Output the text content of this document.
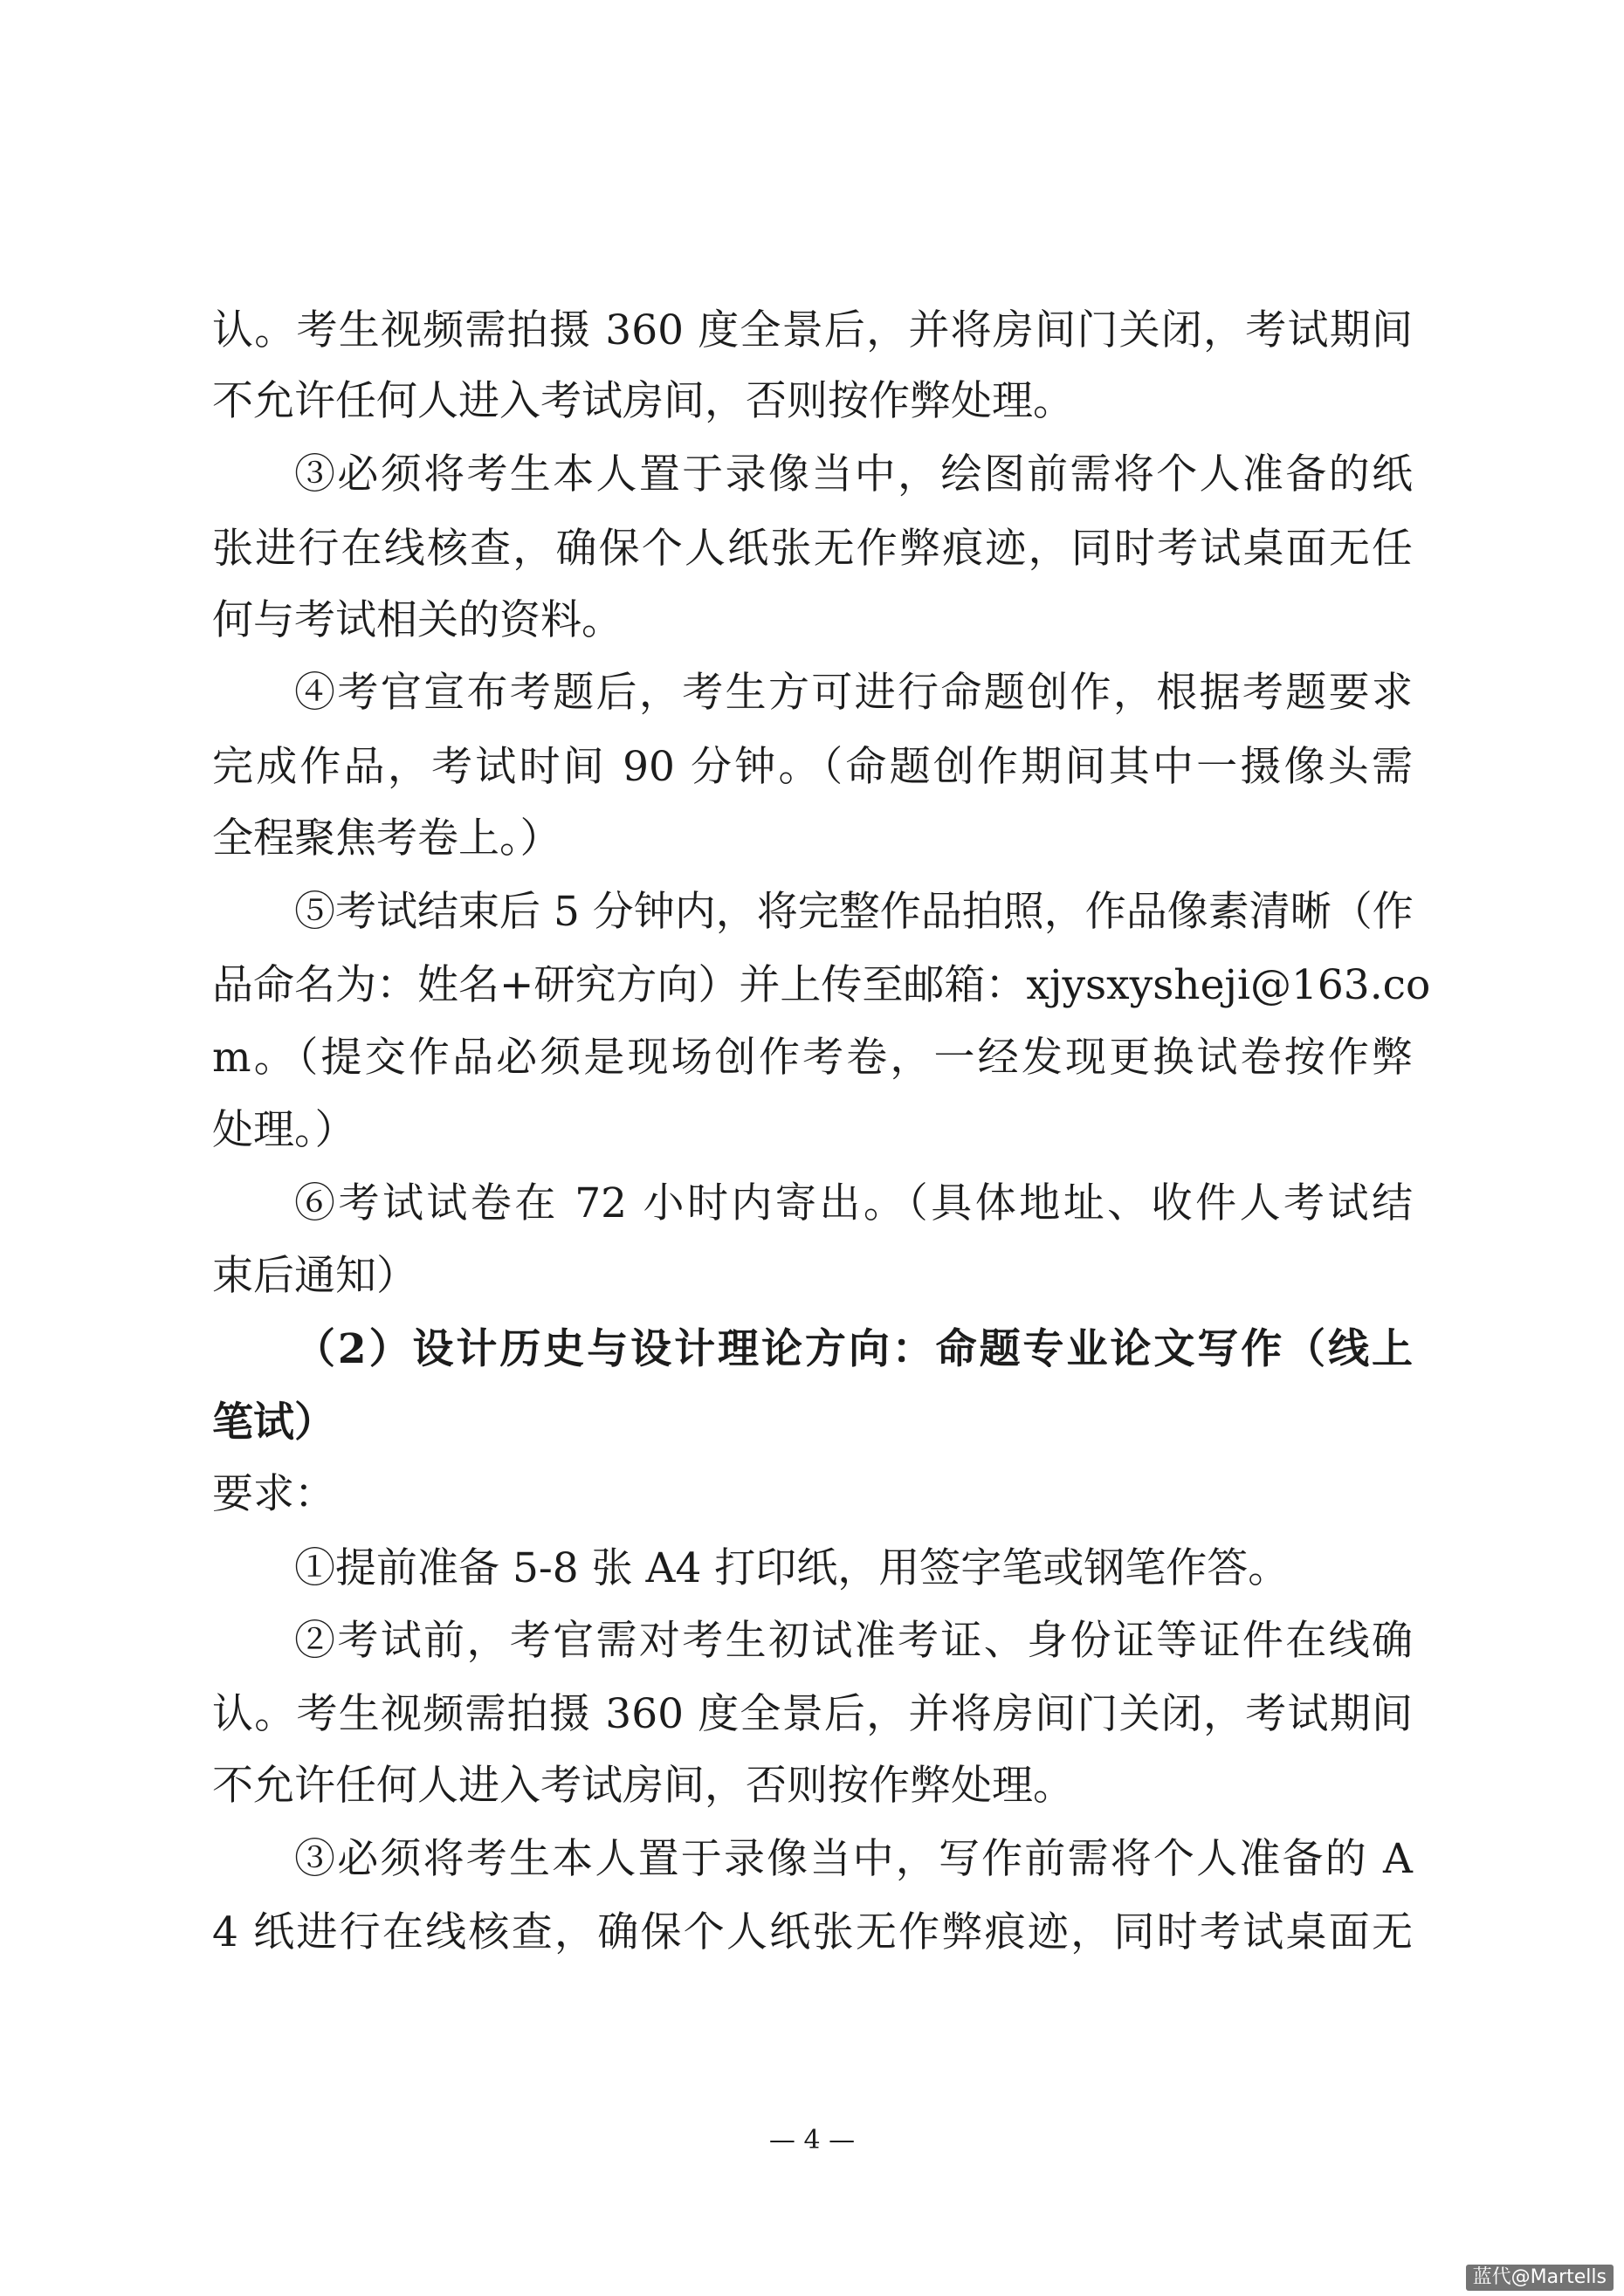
认。考生视频需拍摄 360 度全景后，并将房间门关闭，考试期间
不允许任何人进入考试房间，否则按作弊处理。
③必须将考生本人置于录像当中，绘图前需将个人准备的纸
张进行在线核查，确保个人纸张无作弊痕迹，同时考试桌面无任
何与考试相关的资料。
④考官宣布考题后，考生方可进行命题创作，根据考题要求
完成作品，考试时间 90 分钟。（命题创作期间其中一摄像头需
全程聚焦考卷上。）
⑤考试结束后 5 分钟内，将完整作品拍照，作品像素清晰（作
品命名为：姓名+研究方向）并上传至邮箱：xjysxysheji@163.co
m。（提交作品必须是现场创作考卷，一经发现更换试卷按作弊
处理。）
⑥考试试卷在 72 小时内寄出。（具体地址、收件人考试结
束后通知）
（2）设计历史与设计理论方向：命题专业论文写作（线上
笔试）
要求：
①提前准备 5-8 张 A4 打印纸，用签字笔或钢笔作答。
②考试前，考官需对考生初试准考证、身份证等证件在线确
认。考生视频需拍摄 360 度全景后，并将房间门关闭，考试期间
不允许任何人进入考试房间，否则按作弊处理。
③必须将考生本人置于录像当中，写作前需将个人准备的 A
4 纸进行在线核查，确保个人纸张无作弊痕迹，同时考试桌面无
— 4 —
蓝代@Martells
